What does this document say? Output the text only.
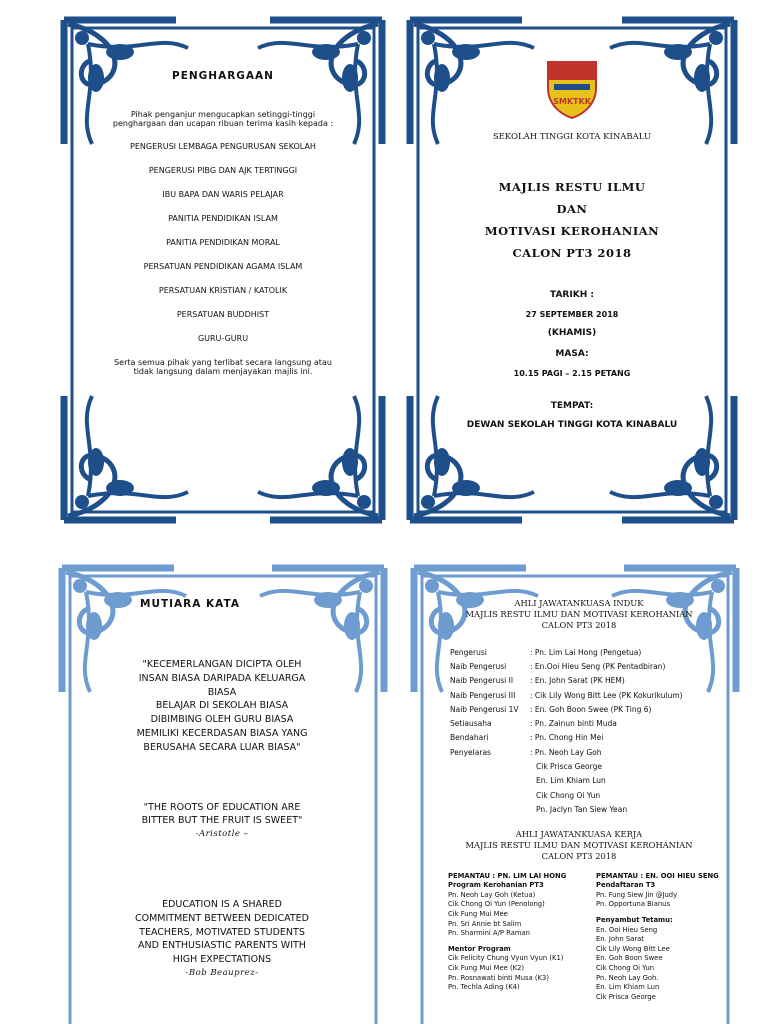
PENGHARGAAN

Pihak penganjur mengucapkan setinggi-tinggi

penghargaan dan ucapan ribuan terima kasih kepada :

PENGERUSI LEMBAGA PENGURUSAN SEKOLAH

PENGERUSI PIBG DAN AJK TERTINGGI

IBU BAPA DAN WARIS PELAJAR

PANITIA PENDIDIKAN ISLAM

PANITIA PENDIDIKAN MORAL

PERSATUAN PENDIDIKAN AGAMA ISLAM

PERSATUAN KRISTIAN / KATOLIK

PERSATUAN BUDDHIST

GURU-GURU

Serta semua pihak yang terlibat secara langsung atau

tidak langsung dalam menjayakan majlis ini.

SMKTKK

SEKOLAH TINGGI KOTA KINABALU

MAJLIS RESTU ILMU

DAN

MOTIVASI KEROHANIAN

CALON PT3 2018

TARIKH :

27 SEPTEMBER 2018

(KHAMIS)

MASA:

10.15 PAGI – 2.15 PETANG

TEMPAT:

DEWAN SEKOLAH TINGGI KOTA KINABALU

MUTIARA KATA

"KECEMERLANGAN DICIPTA OLEH

INSAN BIASA DARIPADA KELUARGA

BIASA

BELAJAR DI SEKOLAH BIASA

DIBIMBING OLEH GURU BIASA

MEMILIKI KECERDASAN BIASA YANG

BERUSAHA SECARA LUAR BIASA"

"THE ROOTS OF EDUCATION ARE

BITTER BUT THE FRUIT IS SWEET"

-Aristotle –

EDUCATION IS A SHARED

COMMITMENT BETWEEN DEDICATED

TEACHERS, MOTIVATED STUDENTS

AND ENTHUSIASTIC PARENTS WITH

HIGH EXPECTATIONS

-Bob Beauprez-

AHLI JAWATANKUASA INDUK

MAJLIS RESTU ILMU DAN MOTIVASI KEROHANIAN

CALON PT3 2018

Pengerusi	: Pn. Lim Lai Hong (Pengetua)
Naib Pengerusi	: En.Ooi Hieu Seng (PK Pentadbiran)
Naib Pengerusi II	: En. John Sarat (PK HEM)
Naib Pengerusi III	: Cik Lily Wong Bitt Lee (PK Kokurikulum)
Naib Pengerusi 1V	: En. Goh Boon Swee (PK Ting 6)
Setiausaha	: Pn. Zainun binti Muda
Bendahari	: Pn. Chong Hin Mei
Penyelaras	: Pn. Neoh Lay Goh
	Cik Prisca George
	En. Lim Khiam Lun
	Cik Chong Oi Yun
	Pn. Jaclyn Tan Siew Yean

AHLI JAWATANKUASA KERJA

MAJLIS RESTU ILMU DAN MOTIVASI KEROHANIAN

CALON PT3 2018

PEMANTAU : PN. LIM LAI HONG
Program Kerohanian PT3
Pn. Neoh Lay Goh (Ketua)
Cik Chong Oi Yun (Penolong)
Cik Fung Mui Mee
Pn. Sri Annie bt Salim
Pn. Sharmini A/P Raman
Mentor Program
Cik Felicity Chung Vyun Vyun (K1)
Cik Fung Mui Mee (K2)
Pn. Rosnawati binti Musa (K3)
Pn. Techla Ading (K4)
PEMANTAU : EN. OOI HIEU SENG
Pendaftaran T3
Pn. Fung Siew Jin @Judy
Pn. Opportuna Bianus
Penyambut Tetamu:
En. Ooi Hieu Seng
En. John Sarat
Cik Lily Wong Bitt Lee
En. Goh Boon Swee
Cik Chong Oi Yun
Pn. Neoh Lay Goh.
En. Lim Khiam Lun
Cik Prisca George
